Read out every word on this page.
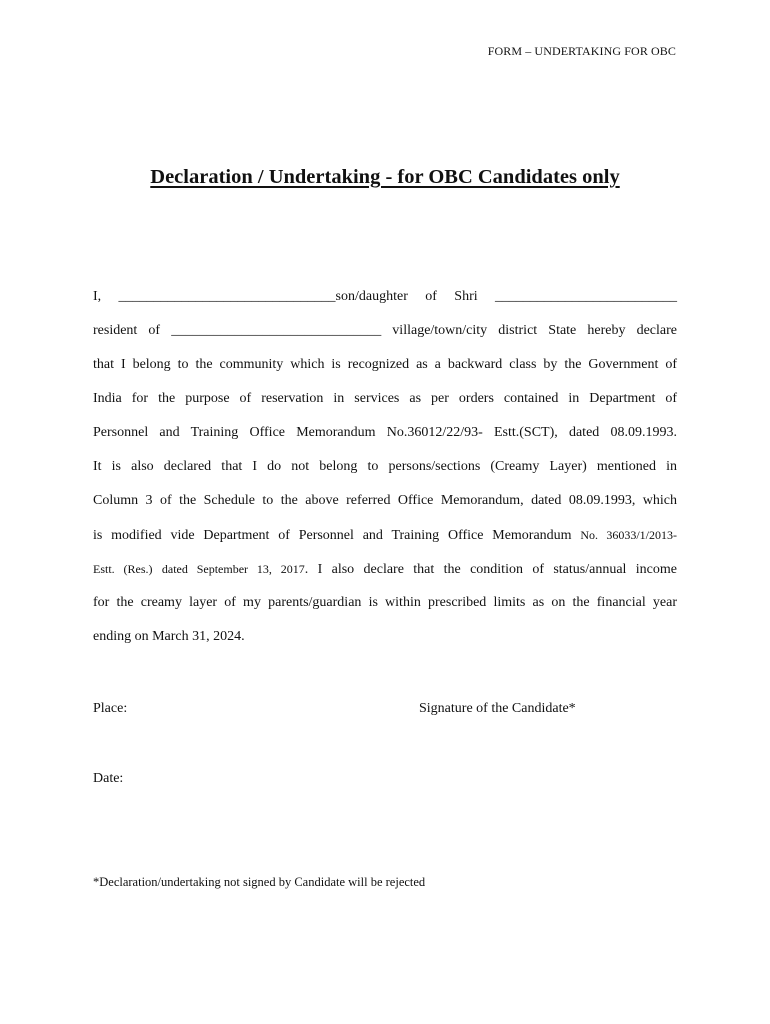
FORM – UNDERTAKING FOR OBC
Declaration / Undertaking - for OBC Candidates only
I, _______________________________son/daughter of Shri __________________________
resident of ______________________________ village/town/city district State hereby declare
that I belong to the community which is recognized as a backward class by the Government of
India for the purpose of reservation in services as per orders contained in Department of
Personnel and Training Office Memorandum No.36012/22/93- Estt.(SCT), dated 08.09.1993.
It is also declared that I do not belong to persons/sections (Creamy Layer) mentioned in
Column 3 of the Schedule to the above referred Office Memorandum, dated 08.09.1993, which
is modified vide Department of Personnel and Training Office Memorandum No. 36033/1/2013-
Estt. (Res.) dated September 13, 2017. I also declare that the condition of status/annual income
for the creamy layer of my parents/guardian is within prescribed limits as on the financial year
ending on March 31, 2024.
Place:	Signature of the Candidate*
Date:
*Declaration/undertaking not signed by Candidate will be rejected
